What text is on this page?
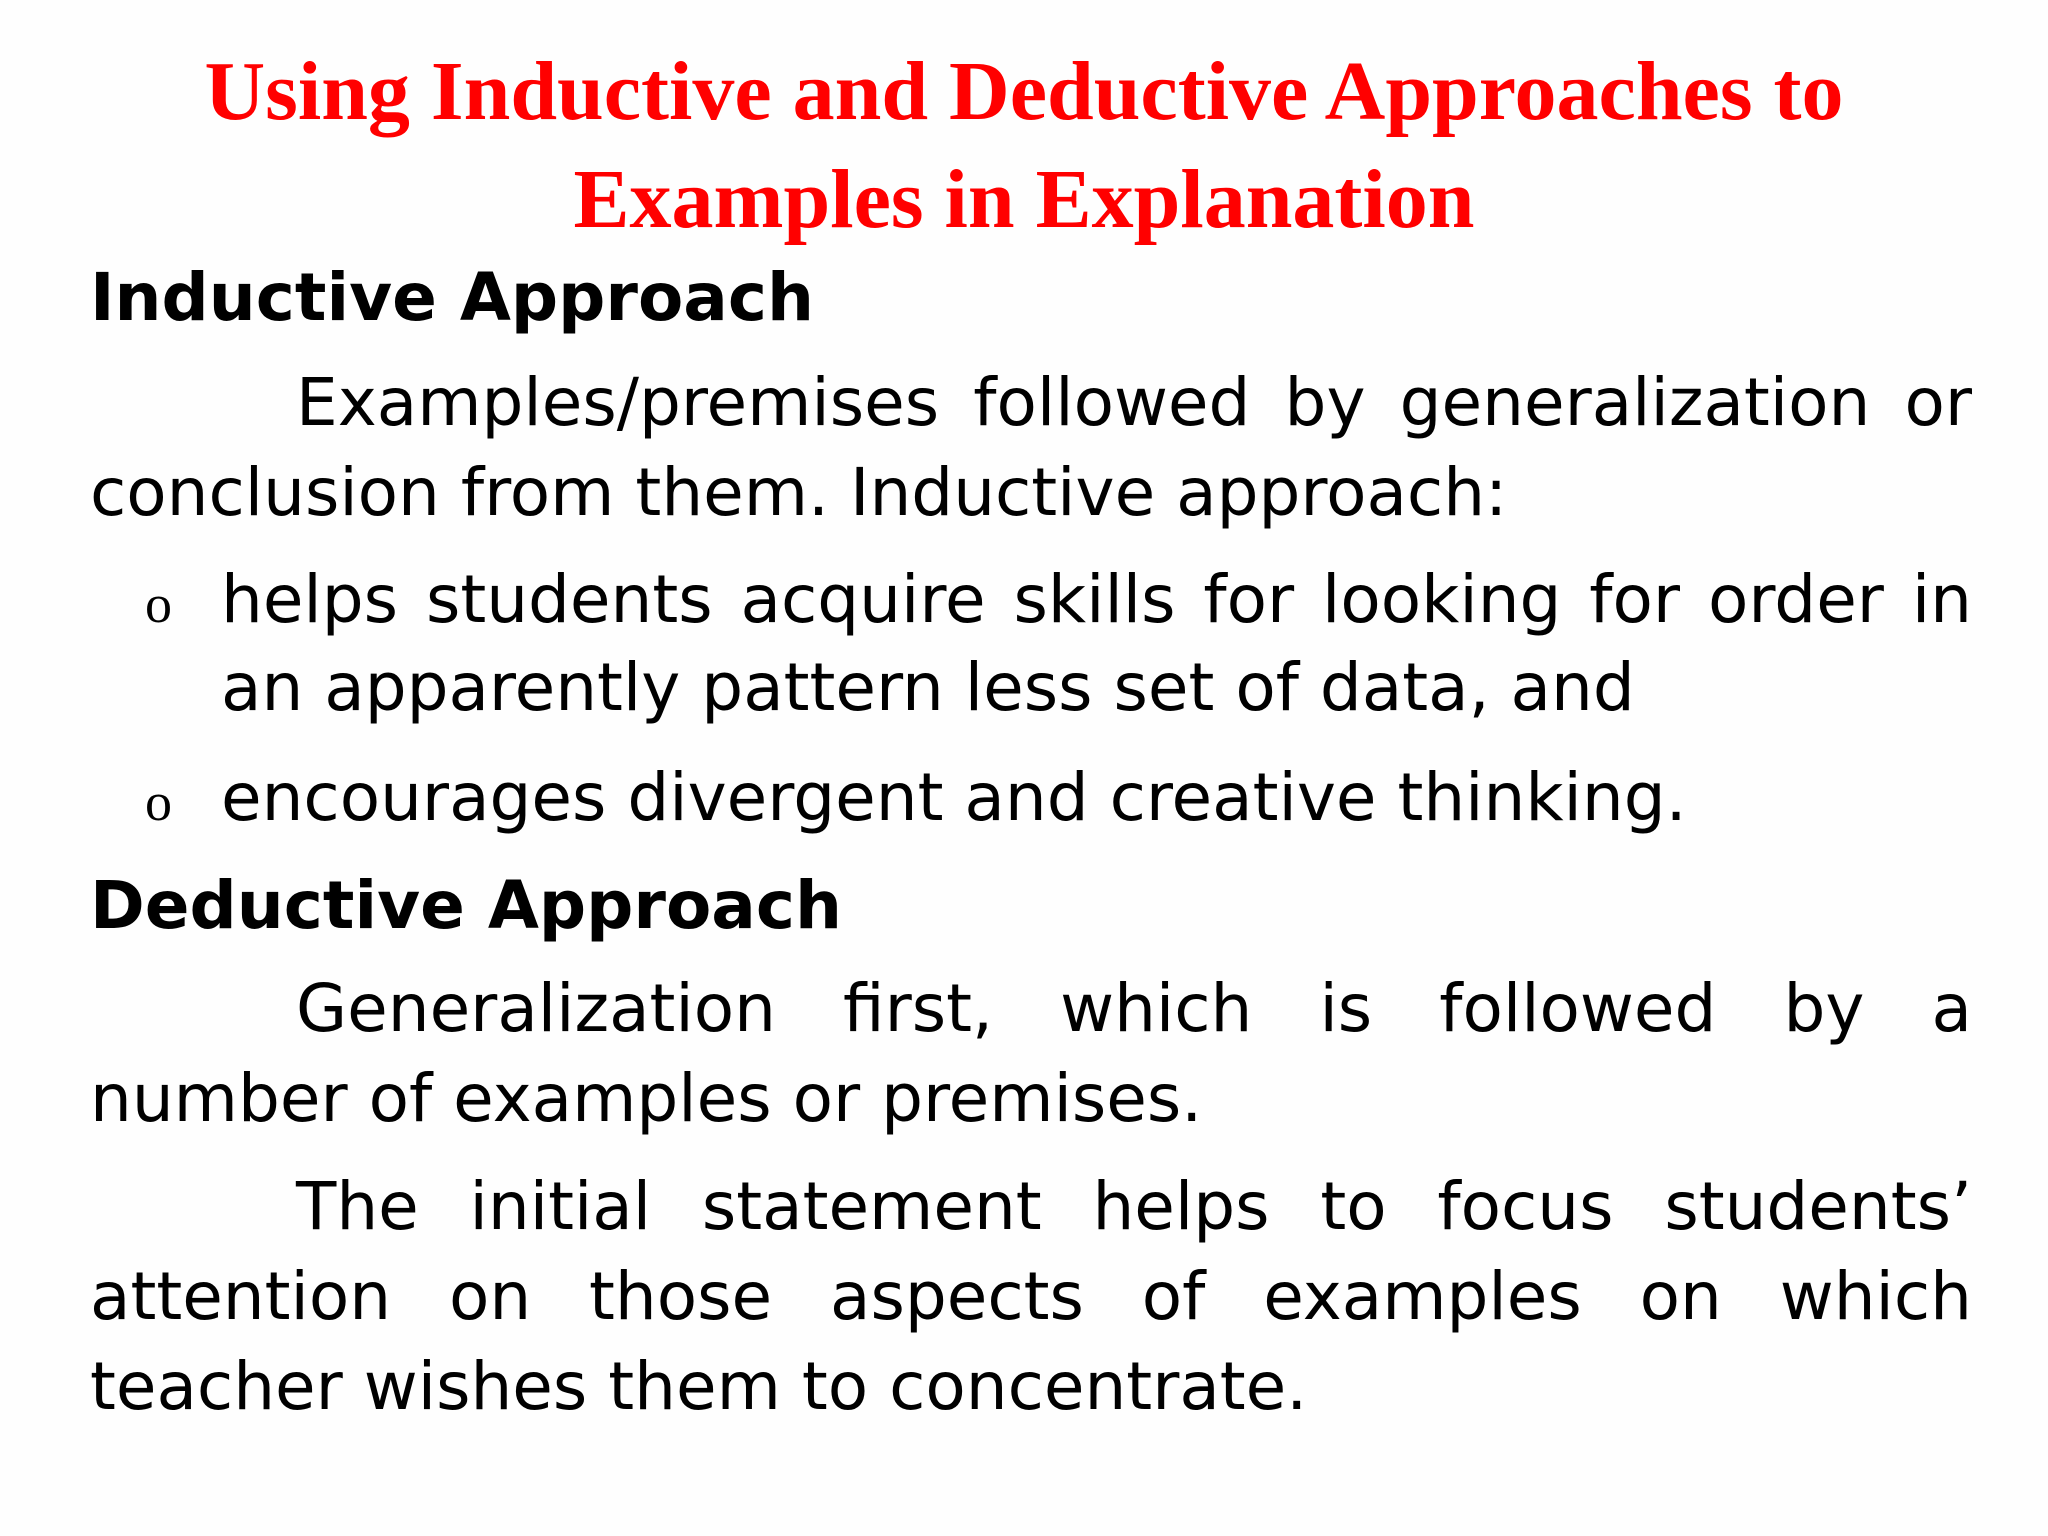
Using Inductive and Deductive Approaches to Examples in Explanation
Inductive Approach

Examples/premises followed by generalization or conclusion from them. Inductive approach:

o helps students acquire skills for looking for order in an apparently pattern less set of data, and
o encourages divergent and creative thinking.
Deductive Approach

Generalization first, which is followed by a number of examples or premises.

The initial statement helps to focus students’ attention on those aspects of examples on which teacher wishes them to concentrate.
